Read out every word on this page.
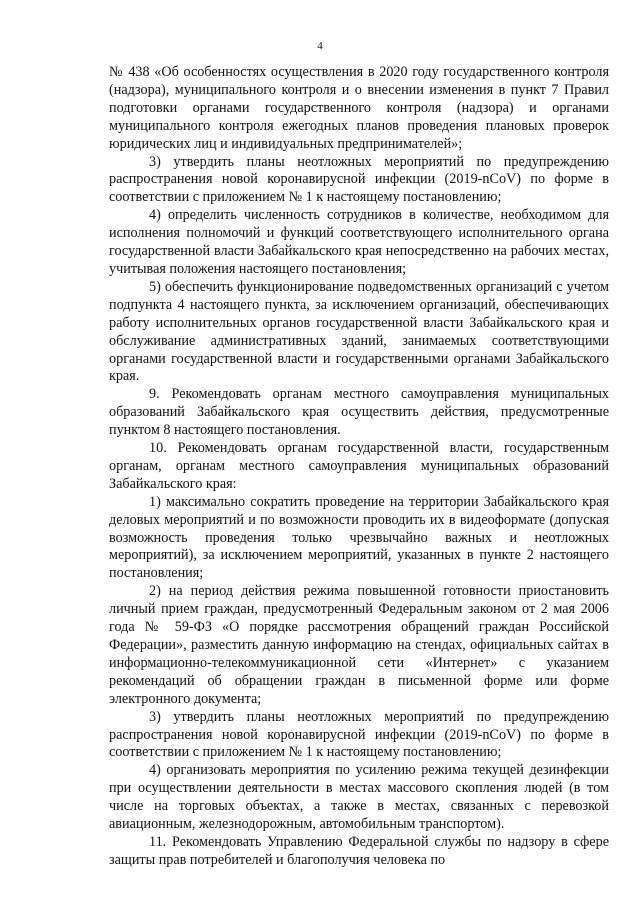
4

№ 438 «Об особенностях осуществления в 2020 году государственного контроля (надзора), муниципального контроля и о внесении изменения в пункт 7 Правил подготовки органами государственного контроля (надзора) и органами муниципального контроля ежегодных планов проведения плановых проверок юридических лиц и индивидуальных предпринимателей»;

3) утвердить планы неотложных мероприятий по предупреждению распространения новой коронавирусной инфекции (2019-nCoV) по форме в соответствии с приложением № 1 к настоящему постановлению;

4) определить численность сотрудников в количестве, необходимом для исполнения полномочий и функций соответствующего исполнительного органа государственной власти Забайкальского края непосредственно на рабочих местах, учитывая положения настоящего постановления;

5) обеспечить функционирование подведомственных организаций с учетом подпункта 4 настоящего пункта, за исключением организаций, обеспечивающих работу исполнительных органов государственной власти Забайкальского края и обслуживание административных зданий, занимаемых соответствующими органами государственной власти и государственными органами Забайкальского края.

9. Рекомендовать органам местного самоуправления муниципальных образований Забайкальского края осуществить действия, предусмотренные пунктом 8 настоящего постановления.

10. Рекомендовать органам государственной власти, государственным органам, органам местного самоуправления муниципальных образований Забайкальского края:

1) максимально сократить проведение на территории Забайкальского края деловых мероприятий и по возможности проводить их в видеоформате (допуская возможность проведения только чрезвычайно важных и неотложных мероприятий), за исключением мероприятий, указанных в пункте 2 настоящего постановления;

2) на период действия режима повышенной готовности приостановить личный прием граждан, предусмотренный Федеральным законом от 2 мая 2006 года № 59-ФЗ «О порядке рассмотрения обращений граждан Российской Федерации», разместить данную информацию на стендах, официальных сайтах в информационно-телекоммуникационной сети «Интернет» с указанием рекомендаций об обращении граждан в письменной форме или форме электронного документа;

3) утвердить планы неотложных мероприятий по предупреждению распространения новой коронавирусной инфекции (2019-nCoV) по форме в соответствии с приложением № 1 к настоящему постановлению;

4) организовать мероприятия по усилению режима текущей дезинфекции при осуществлении деятельности в местах массового скопления людей (в том числе на торговых объектах, а также в местах, связанных с перевозкой авиационным, железнодорожным, автомобильным транспортом).

11. Рекомендовать Управлению Федеральной службы по надзору в сфере защиты прав потребителей и благополучия человека по
